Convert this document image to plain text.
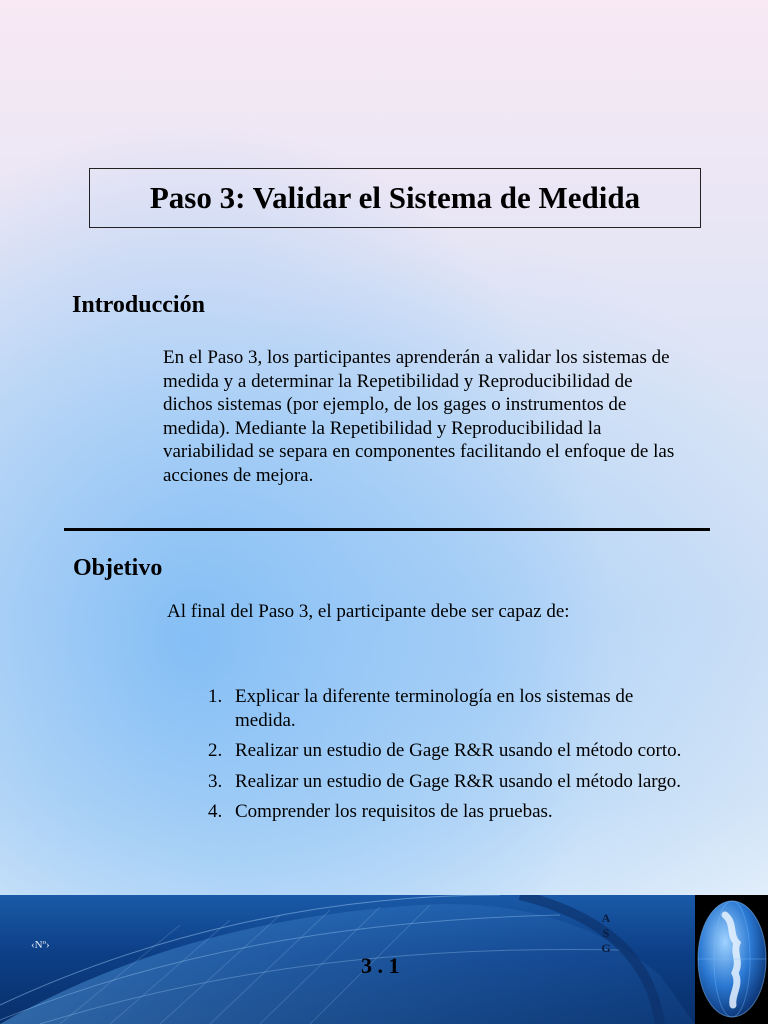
Paso 3: Validar el Sistema de Medida
Introducción

En el Paso 3, los participantes aprenderán a validar los sistemas de medida y a determinar la Repetibilidad y Reproducibilidad de dichos sistemas (por ejemplo, de los gages o instrumentos de medida). Mediante la Repetibilidad y Reproducibilidad la variabilidad se separa en componentes facilitando el enfoque de las acciones de mejora.

Objetivo

Al final del Paso 3, el participante debe ser capaz de:

1. Explicar la diferente terminología en los sistemas de medida.
2. Realizar un estudio de Gage R&R usando el método corto.
3. Realizar un estudio de Gage R&R usando el método largo.
4. Comprender los requisitos de las pruebas.
‹Nº›
3 . 1
A
S
G
